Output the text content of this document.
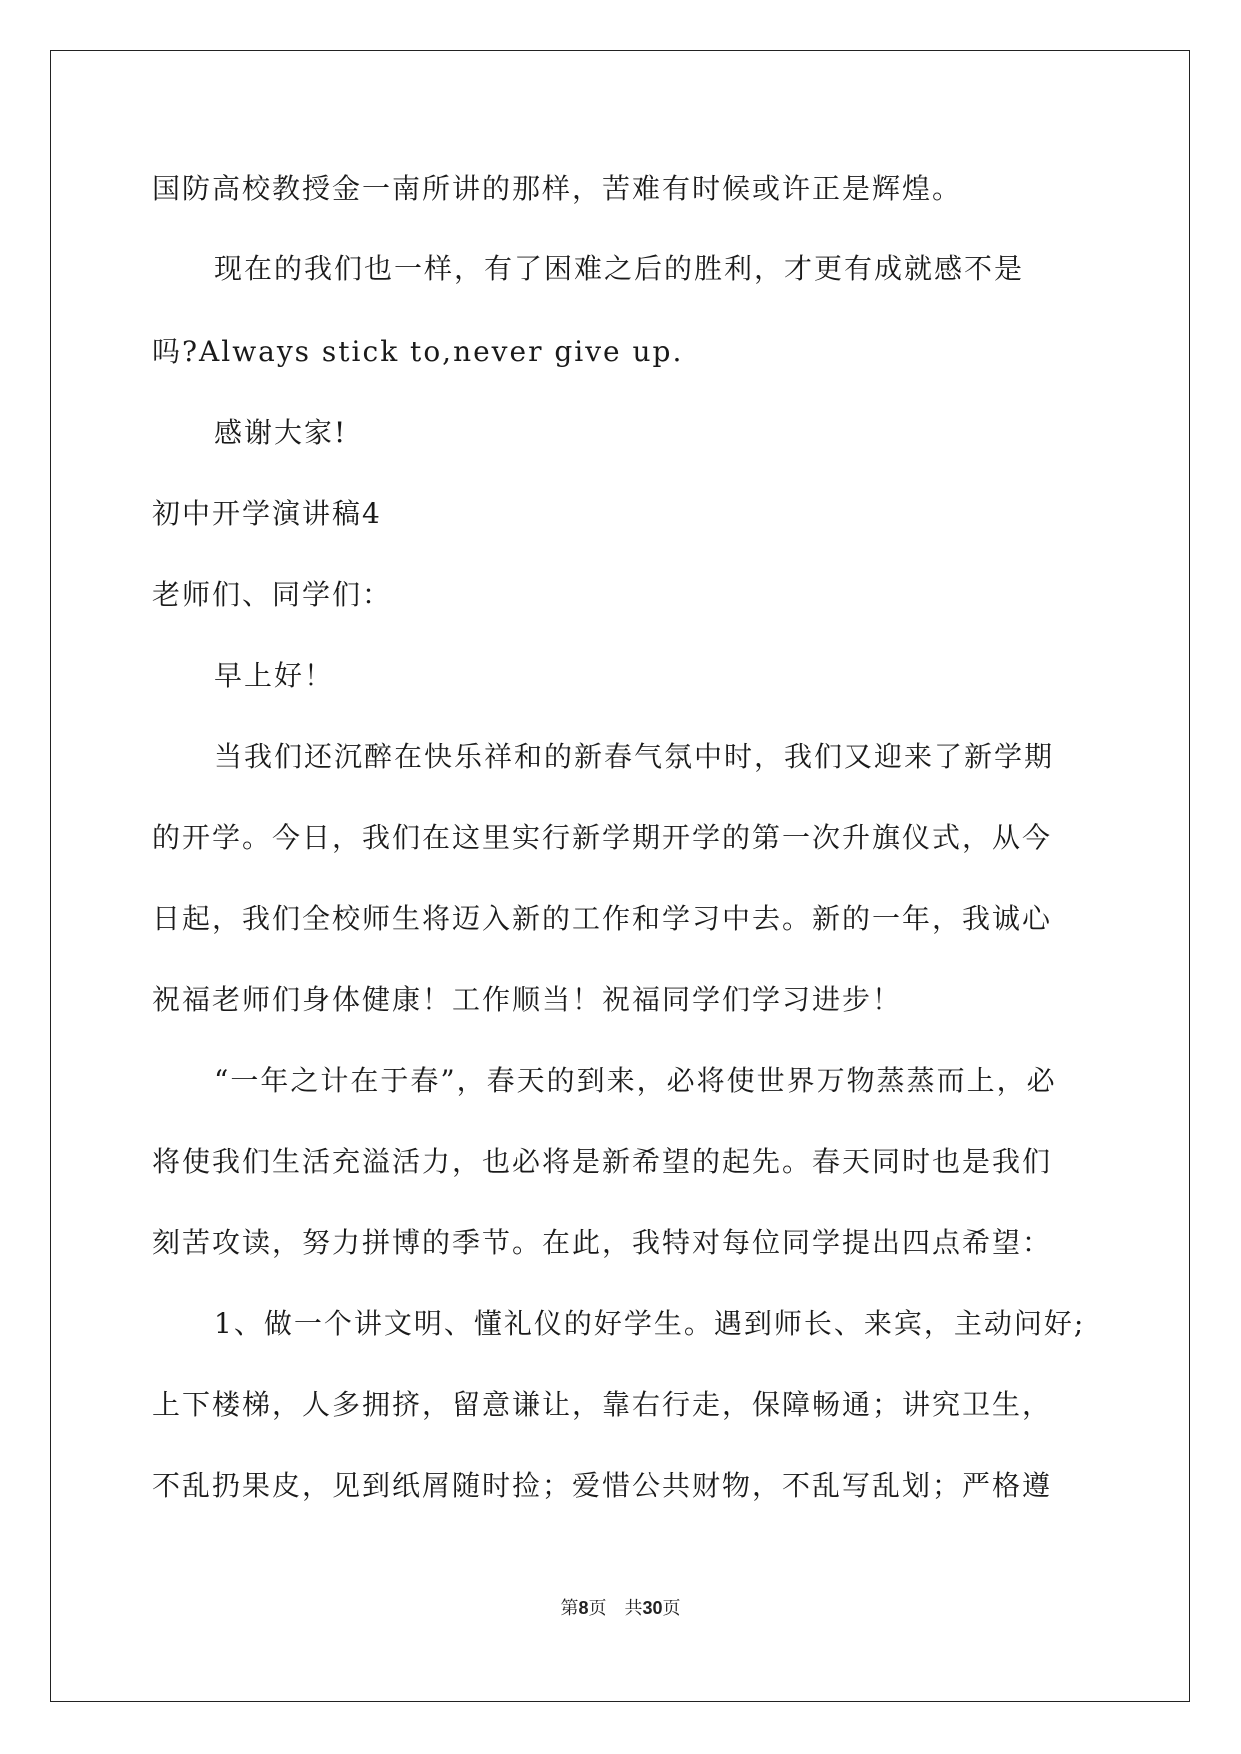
国防高校教授金一南所讲的那样，苦难有时候或许正是辉煌。
现在的我们也一样，有了困难之后的胜利，才更有成就感不是
吗?Always stick to,never give up.
感谢大家!
初中开学演讲稿4
老师们、同学们：
早上好！
当我们还沉醉在快乐祥和的新春气氛中时，我们又迎来了新学期
的开学。今日，我们在这里实行新学期开学的第一次升旗仪式，从今
日起，我们全校师生将迈入新的工作和学习中去。新的一年，我诚心
祝福老师们身体健康！工作顺当！祝福同学们学习进步！
“一年之计在于春”，春天的到来，必将使世界万物蒸蒸而上，必
将使我们生活充溢活力，也必将是新希望的起先。春天同时也是我们
刻苦攻读，努力拼博的季节。在此，我特对每位同学提出四点希望：
1、做一个讲文明、懂礼仪的好学生。遇到师长、来宾，主动问好;
上下楼梯，人多拥挤，留意谦让，靠右行走，保障畅通；讲究卫生，
不乱扔果皮，见到纸屑随时捡；爱惜公共财物，不乱写乱划；严格遵
第8页　共30页
